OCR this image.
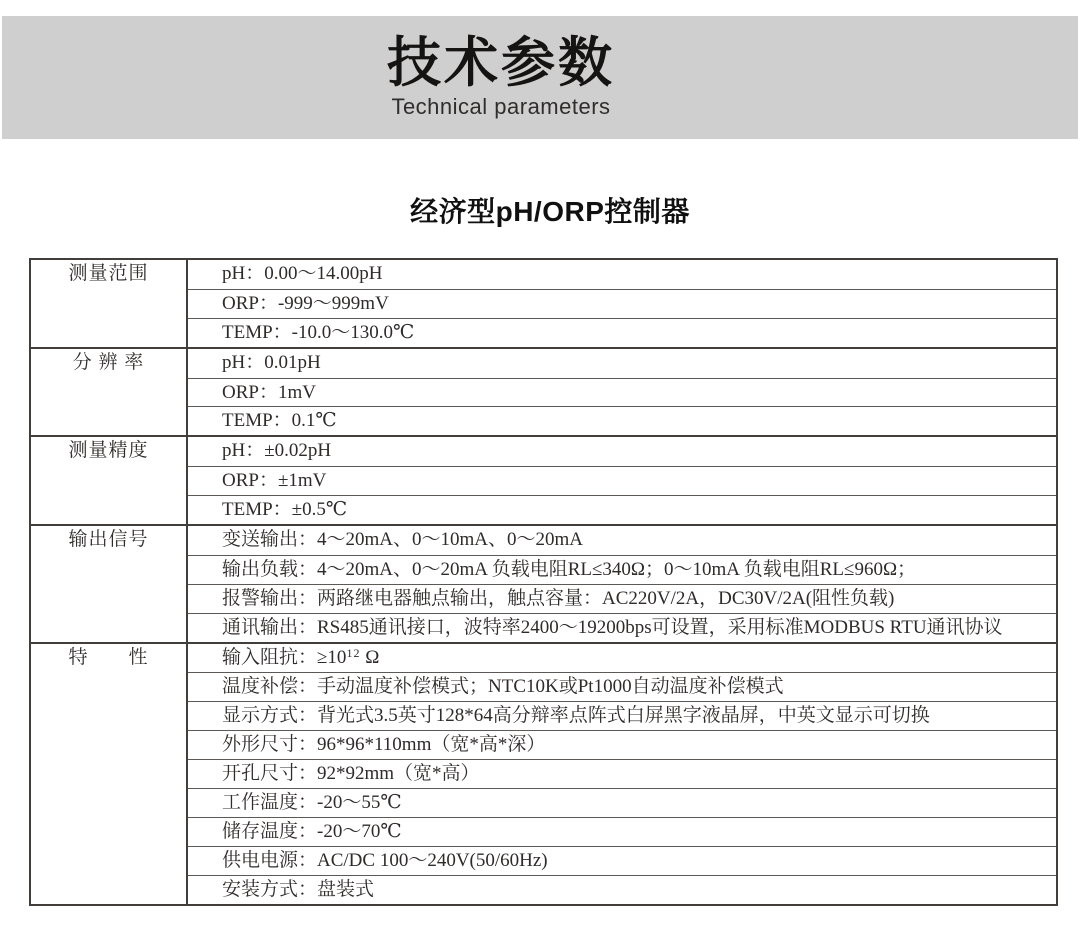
技术参数
Technical parameters
经济型pH/ORP控制器
测量范围	pH：0.00～14.00pH
ORP：-999～999mV
TEMP：-10.0～130.0℃
分 辨 率	pH：0.01pH
ORP：1mV
TEMP：0.1℃
测量精度	pH：±0.02pH
ORP：±1mV
TEMP：±0.5℃
输出信号	变送输出：4～20mA、0～10mA、0～20mA
输出负载：4～20mA、0～20mA 负载电阻RL≤340Ω；0～10mA 负载电阻RL≤960Ω；
报警输出：两路继电器触点输出，触点容量：AC220V/2A，DC30V/2A(阻性负载)
通讯输出：RS485通讯接口，波特率2400～19200bps可设置，采用标准MODBUS RTU通讯协议
特　　性	输入阻抗：$\ge 10^{12}$ Ω
温度补偿：手动温度补偿模式；NTC10K或Pt1000自动温度补偿模式
显示方式：背光式3.5英寸128*64高分辩率点阵式白屏黑字液晶屏，中英文显示可切换
外形尺寸：96*96*110mm（宽*高*深）
开孔尺寸：92*92mm（宽*高）
工作温度：-20～55℃
储存温度：-20～70℃
供电电源：AC/DC 100～240V(50/60Hz)
安装方式：盘装式
